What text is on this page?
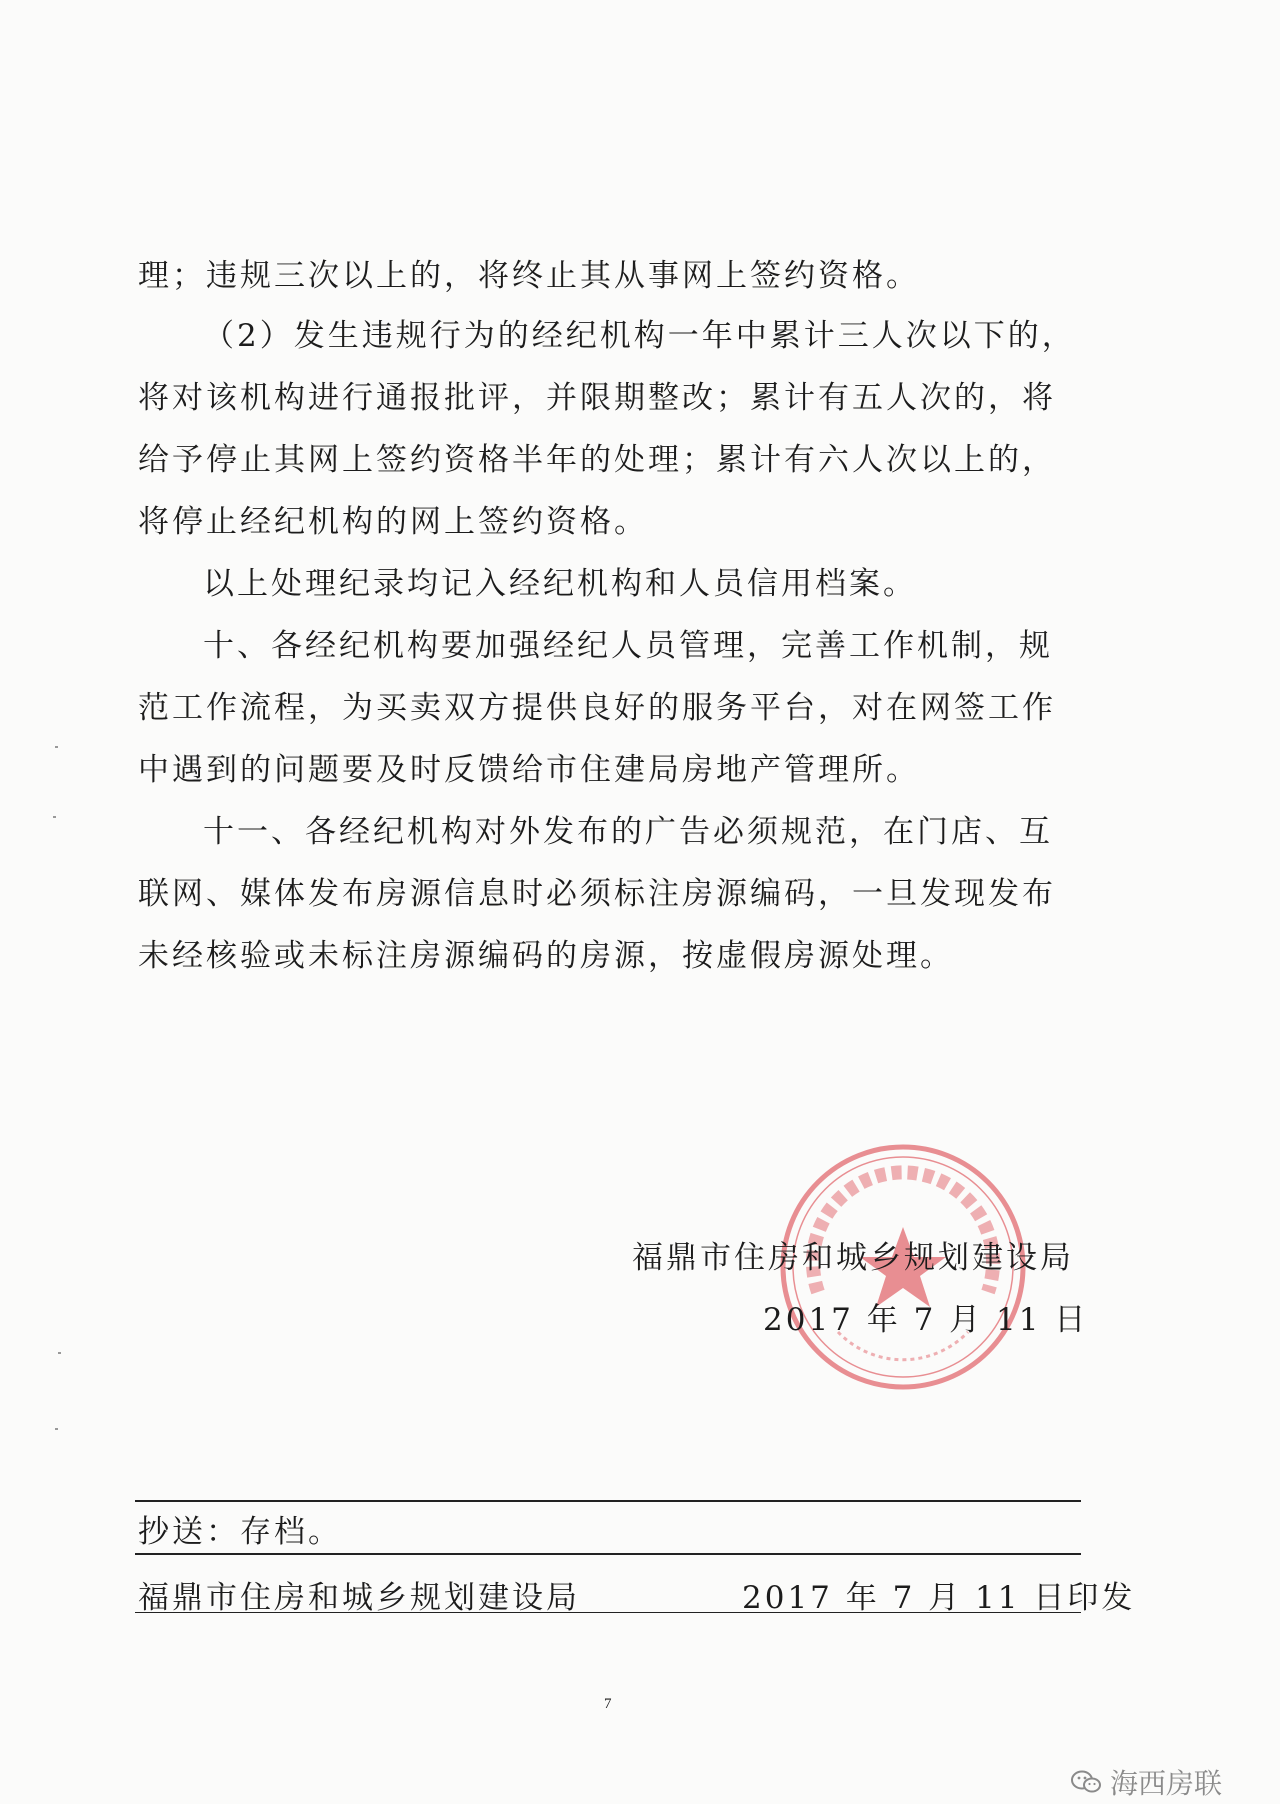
理；违规三次以上的，将终止其从事网上签约资格。
（2）发生违规行为的经纪机构一年中累计三人次以下的，
将对该机构进行通报批评，并限期整改；累计有五人次的，将
给予停止其网上签约资格半年的处理；累计有六人次以上的，
将停止经纪机构的网上签约资格。
以上处理纪录均记入经纪机构和人员信用档案。
十、各经纪机构要加强经纪人员管理，完善工作机制，规
范工作流程，为买卖双方提供良好的服务平台，对在网签工作
中遇到的问题要及时反馈给市住建局房地产管理所。
十一、各经纪机构对外发布的广告必须规范，在门店、互
联网、媒体发布房源信息时必须标注房源编码，一旦发现发布
未经核验或未标注房源编码的房源，按虚假房源处理。
福鼎市住房和城乡规划建设局
2017 年 7 月 11 日
抄送：存档。
福鼎市住房和城乡规划建设局	2017 年 7 月 11 日印发
7
海西房联
